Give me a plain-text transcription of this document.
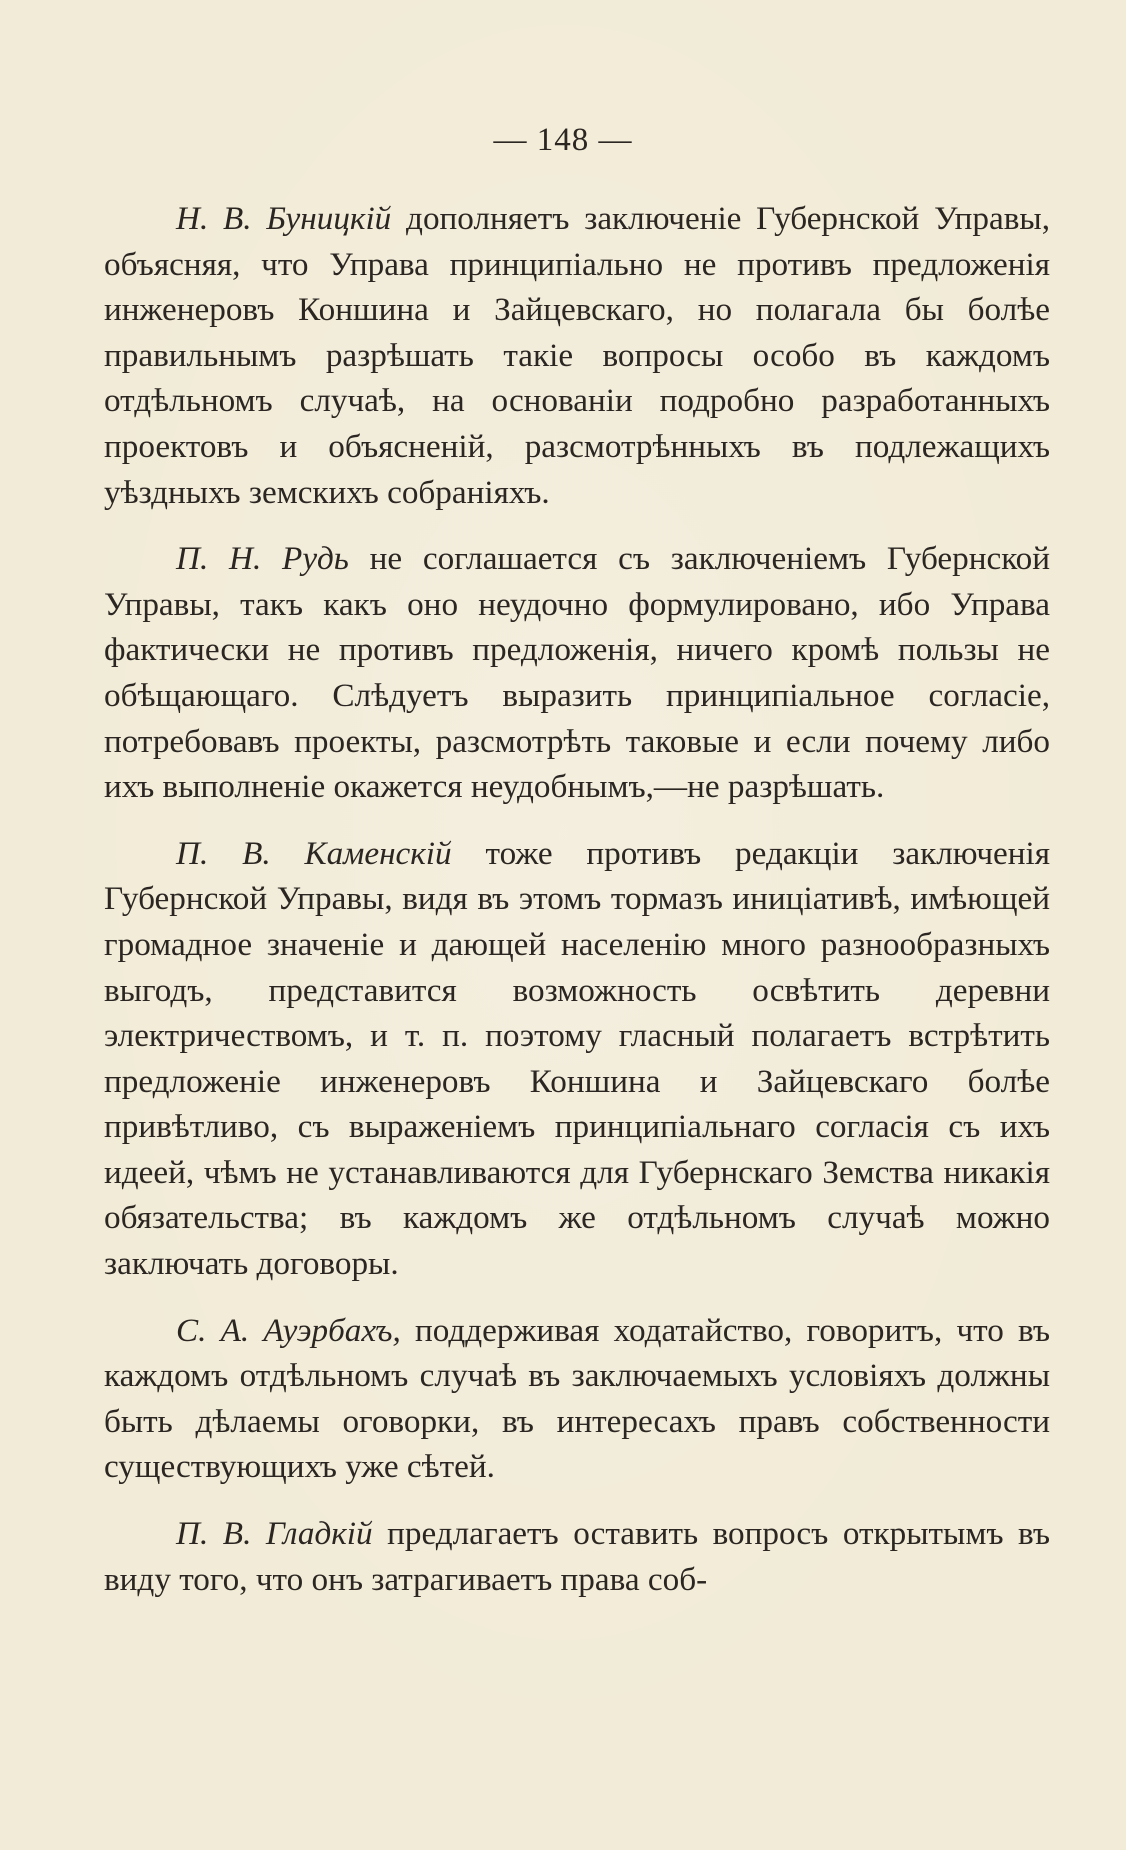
— 148 —

Н. В. Буницкій дополняетъ заключеніе Губернской Управы, объясняя, что Управа принципіально не противъ предложенія инженеровъ Коншина и Зайцевскаго, но полагала бы болѣе правильнымъ разрѣшать такіе вопросы особо въ каждомъ отдѣльномъ случаѣ, на основаніи подробно разработанныхъ проектовъ и объясненій, разсмотрѣнныхъ въ подлежащихъ уѣздныхъ земскихъ собраніяхъ.

П. Н. Рудь не соглашается съ заключеніемъ Губернской Управы, такъ какъ оно неудочно формулировано, ибо Управа фактически не противъ предложенія, ничего кромѣ пользы не обѣщающаго. Слѣдуетъ выразить принципіальное согласіе, потребовавъ проекты, разсмотрѣть таковые и если почему либо ихъ выполненіе окажется неудобнымъ,—не разрѣшать.

П. В. Каменскій тоже противъ редакціи заключенія Губернской Управы, видя въ этомъ тормазъ иниціативѣ, имѣющей громадное значеніе и дающей населенію много разнообразныхъ выгодъ, представится возможность освѣтить деревни электричествомъ, и т. п. поэтому гласный полагаетъ встрѣтить предложеніе инженеровъ Коншина и Зайцевскаго болѣе привѣтливо, съ выраженіемъ принципіальнаго согласія съ ихъ идеей, чѣмъ не устанавливаются для Губернскаго Земства никакія обязательства; въ каждомъ же отдѣльномъ случаѣ можно заключать договоры.

С. А. Ауэрбахъ, поддерживая ходатайство, говоритъ, что въ каждомъ отдѣльномъ случаѣ въ заключаемыхъ условіяхъ должны быть дѣлаемы оговорки, въ интересахъ правъ собственности существующихъ уже сѣтей.

П. В. Гладкій предлагаетъ оставить вопросъ открытымъ въ виду того, что онъ затрагиваетъ права соб-
